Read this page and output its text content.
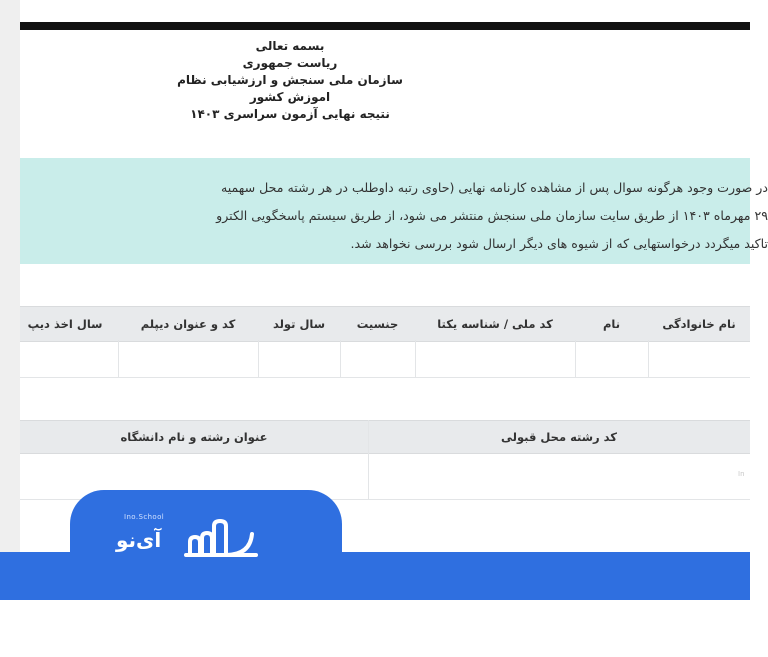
بسمه تعالی
ریاست جمهوری
سازمان ملی سنجش و ارزشیابی نظام اموزش کشور
نتیجه نهایی آزمون سراسری ۱۴۰۳

در صورت وجود هرگونه سوال پس از مشاهده کارنامه نهایی (حاوی رتبه داوطلب در هر رشته محل سهمیه

۲۹ مهرماه ۱۴۰۳ از طریق سایت سازمان ملی سنجش منتشر می شود، از طریق سیستم پاسخگویی الکترو

تاکید میگردد درخواستهایی که از شیوه های دیگر ارسال شود بررسی نخواهد شد.

نام خانوادگی
نام
کد ملی / شناسه یکتا
جنسیت
سال تولد
کد و عنوان دیپلم
سال اخذ دیپ
کد رشته محل قبولی
عنوان رشته و نام دانشگاه
In
Ino.School
آی‌نو
